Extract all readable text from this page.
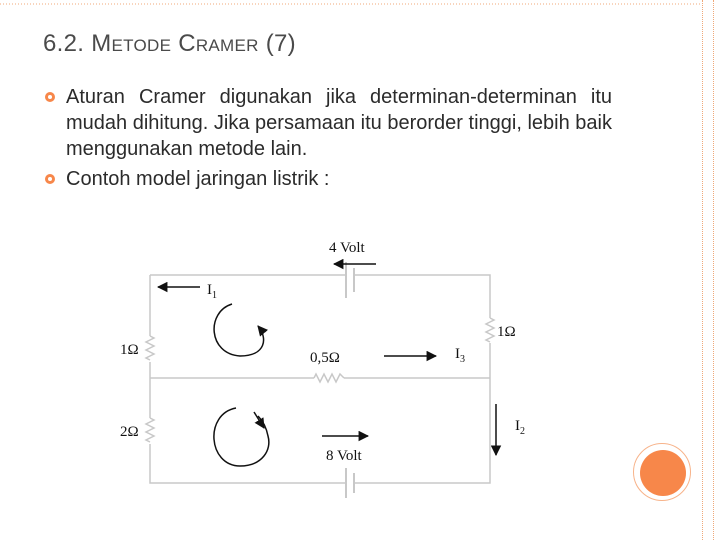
6.2. Metode Cramer (7)
Aturan Cramer digunakan jika determinan-determinan itu mudah dihitung. Jika persamaan itu berorder tinggi, lebih baik menggunakan metode lain.
Contoh model jaringan listrik :
4 Volt
8 Volt
1Ω
2Ω
0,5Ω
1Ω
$I_1$
$I_3$
$I_2$
